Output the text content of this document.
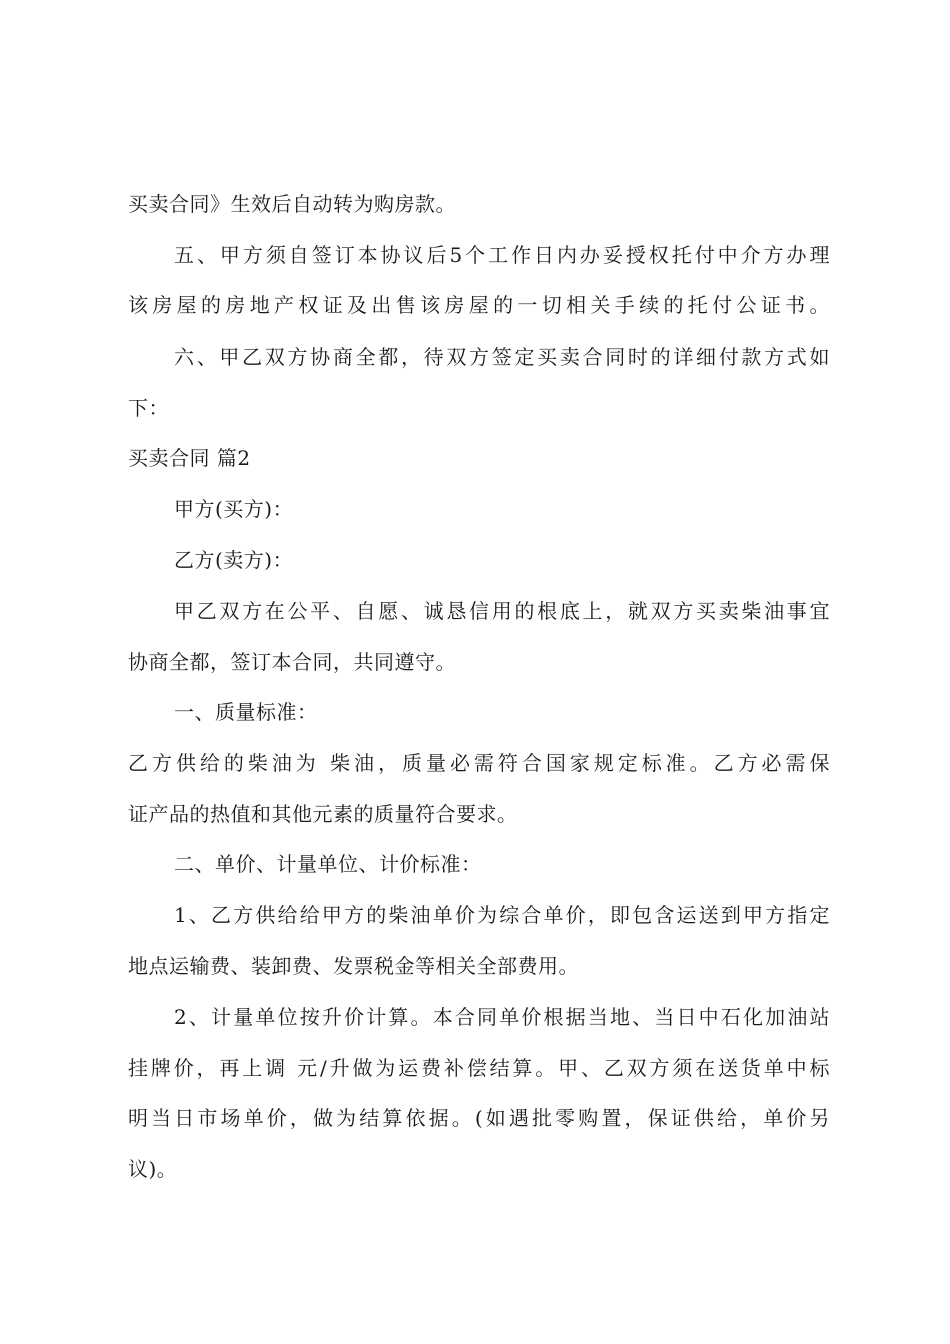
买卖合同》生效后自动转为购房款。
五、甲方须自签订本协议后5个工作日内办妥授权托付中介方办理
该房屋的房地产权证及出售该房屋的一切相关手续的托付公证书。
六、甲乙双方协商全都，待双方签定买卖合同时的详细付款方式如
下：
买卖合同 篇2
甲方(买方)：
乙方(卖方)：
甲乙双方在公平、自愿、诚恳信用的根底上，就双方买卖柴油事宜
协商全都，签订本合同，共同遵守。
一、质量标准：
乙方供给的柴油为 柴油，质量必需符合国家规定标准。乙方必需保
证产品的热值和其他元素的质量符合要求。
二、单价、计量单位、计价标准：
1、乙方供给给甲方的柴油单价为综合单价，即包含运送到甲方指定
地点运输费、装卸费、发票税金等相关全部费用。
2、计量单位按升价计算。本合同单价根据当地、当日中石化加油站
挂牌价，再上调 元/升做为运费补偿结算。甲、乙双方须在送货单中标
明当日市场单价，做为结算依据。(如遇批零购置，保证供给，单价另
议)。
